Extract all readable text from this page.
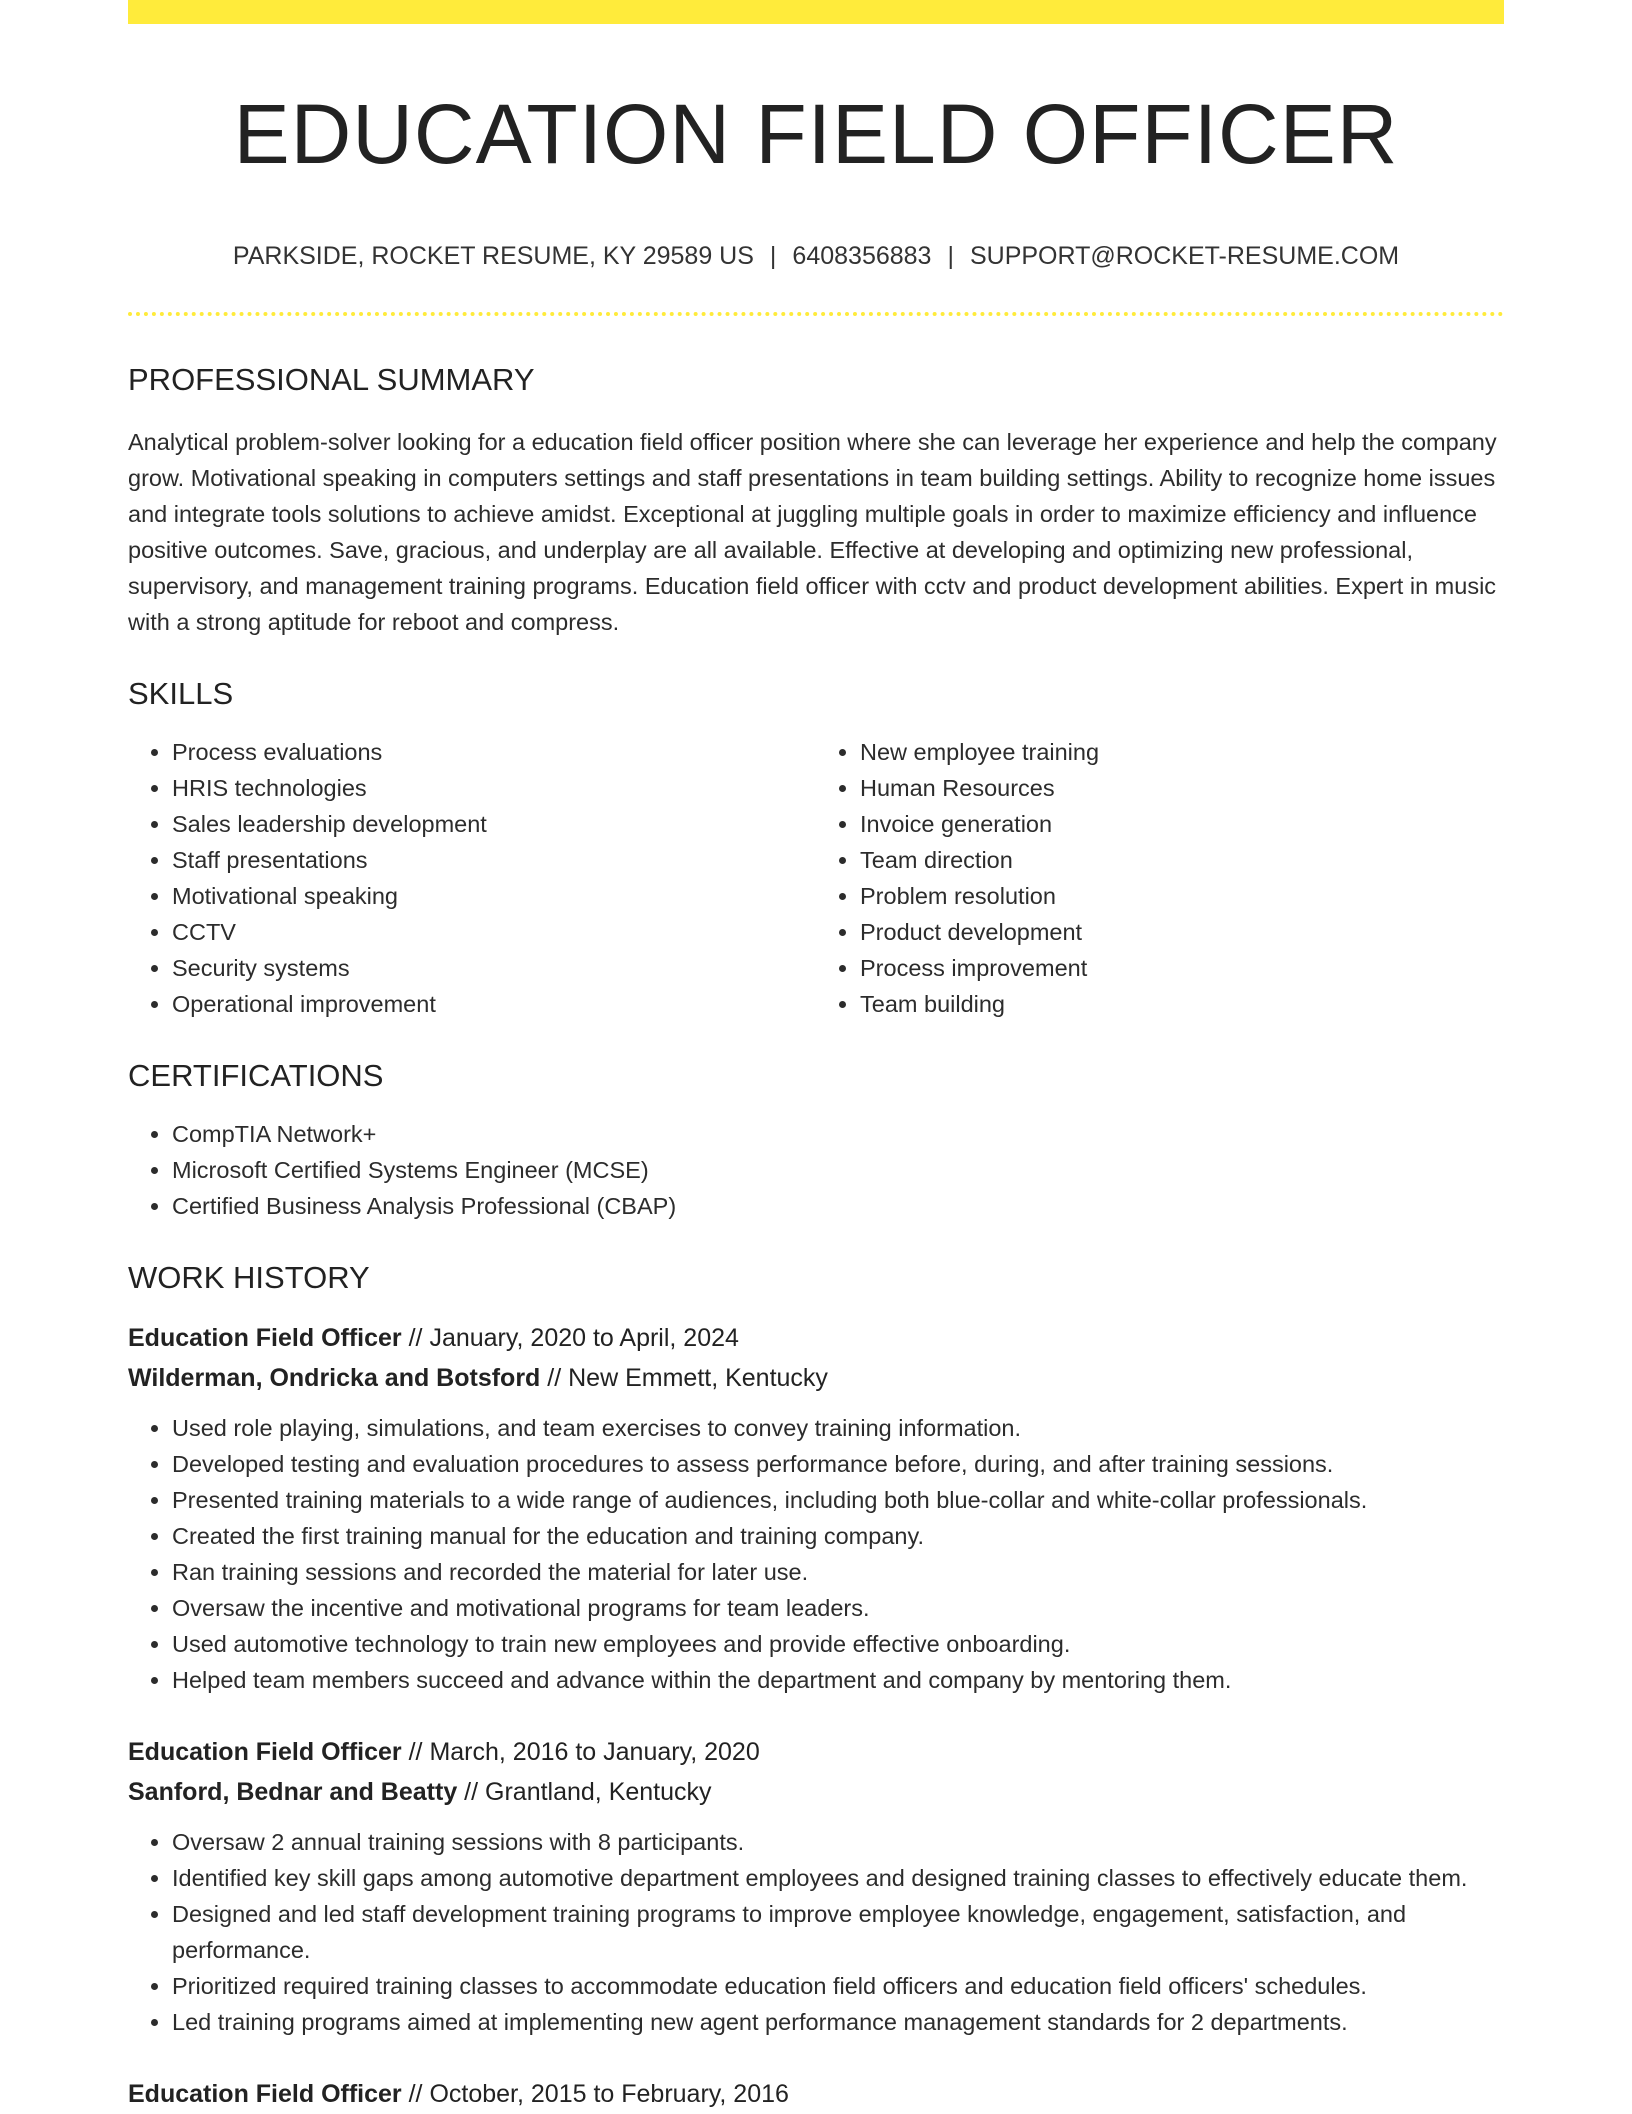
EDUCATION FIELD OFFICER
PARKSIDE, ROCKET RESUME, KY 29589 US | 6408356883 | SUPPORT@ROCKET-RESUME.COM
PROFESSIONAL SUMMARY
Analytical problem-solver looking for a education field officer position where she can leverage her experience and help the company grow. Motivational speaking in computers settings and staff presentations in team building settings. Ability to recognize home issues and integrate tools solutions to achieve amidst. Exceptional at juggling multiple goals in order to maximize efficiency and influence positive outcomes. Save, gracious, and underplay are all available. Effective at developing and optimizing new professional, supervisory, and management training programs. Education field officer with cctv and product development abilities. Expert in music with a strong aptitude for reboot and compress.
SKILLS
• Process evaluations
• HRIS technologies
• Sales leadership development
• Staff presentations
• Motivational speaking
• CCTV
• Security systems
• Operational improvement
• New employee training
• Human Resources
• Invoice generation
• Team direction
• Problem resolution
• Product development
• Process improvement
• Team building
CERTIFICATIONS
• CompTIA Network+
• Microsoft Certified Systems Engineer (MCSE)
• Certified Business Analysis Professional (CBAP)
WORK HISTORY
Education Field Officer // January, 2020 to April, 2024
Wilderman, Ondricka and Botsford // New Emmett, Kentucky
• Used role playing, simulations, and team exercises to convey training information.
• Developed testing and evaluation procedures to assess performance before, during, and after training sessions.
• Presented training materials to a wide range of audiences, including both blue-collar and white-collar professionals.
• Created the first training manual for the education and training company.
• Ran training sessions and recorded the material for later use.
• Oversaw the incentive and motivational programs for team leaders.
• Used automotive technology to train new employees and provide effective onboarding.
• Helped team members succeed and advance within the department and company by mentoring them.
Education Field Officer // March, 2016 to January, 2020
Sanford, Bednar and Beatty // Grantland, Kentucky
• Oversaw 2 annual training sessions with 8 participants.
• Identified key skill gaps among automotive department employees and designed training classes to effectively educate them.
• Designed and led staff development training programs to improve employee knowledge, engagement, satisfaction, and performance.
• Prioritized required training classes to accommodate education field officers and education field officers' schedules.
• Led training programs aimed at implementing new agent performance management standards for 2 departments.
Education Field Officer // October, 2015 to February, 2016
